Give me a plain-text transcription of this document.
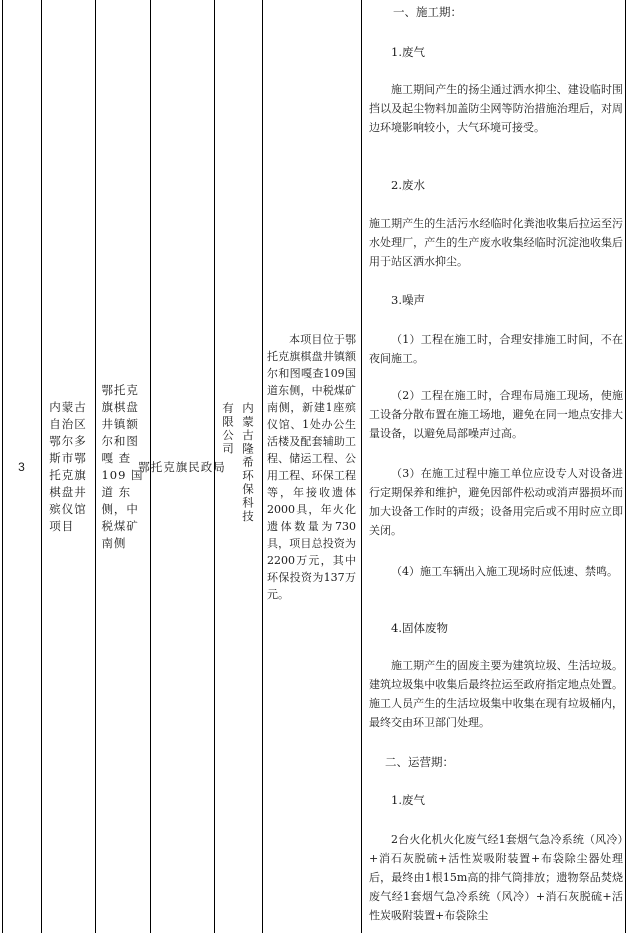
3
内蒙古
自治区
鄂尔多
斯市鄂
托克旗
棋盘井
殡仪馆
项目
鄂托克
旗棋盘
井镇额
尔和图
嘎 查
109 国
道 东
侧，中
税煤矿
南侧
鄂托克旗民政局	内蒙古隆希环保科技有限公司
本项目位于鄂托克旗棋盘井镇额尔和图嘎查109国道东侧，中税煤矿南侧，新建1座殡仪馆、1处办公生活楼及配套辅助工程、储运工程、公用工程、环保工程等，年接收遗体2000具，年火化遗体数量为730具，项目总投资为2200万元，其中环保投资为137万元。
一、施工期：
1.废气
施工期间产生的扬尘通过洒水抑尘、建设临时围挡以及起尘物料加盖防尘网等防治措施治理后，对周边环境影响较小，大气环境可接受。
2.废水
施工期产生的生活污水经临时化粪池收集后拉运至污水处理厂，产生的生产废水收集经临时沉淀池收集后用于站区洒水抑尘。
3.噪声
（1）工程在施工时，合理安排施工时间，不在夜间施工。
（2）工程在施工时，合理布局施工现场，使施工设备分散布置在施工场地，避免在同一地点安排大量设备，以避免局部噪声过高。
（3）在施工过程中施工单位应设专人对设备进行定期保养和维护，避免因部件松动或消声器损坏而加大设备工作时的声级；设备用完后或不用时应立即关闭。
（4）施工车辆出入施工现场时应低速、禁鸣。
4.固体废物
施工期产生的固废主要为建筑垃圾、生活垃圾。建筑垃圾集中收集后最终拉运至政府指定地点处置。施工人员产生的生活垃圾集中收集在现有垃圾桶内，最终交由环卫部门处理。
二、运营期：
1.废气
2台火化机火化废气经1套烟气急冷系统（风冷）+消石灰脱硫+活性炭吸附装置+布袋除尘器处理后，最终由1根15m高的排气筒排放；遗物祭品焚烧废气经1套烟气急冷系统（风冷）+消石灰脱硫+活性炭吸附装置+布袋除尘
